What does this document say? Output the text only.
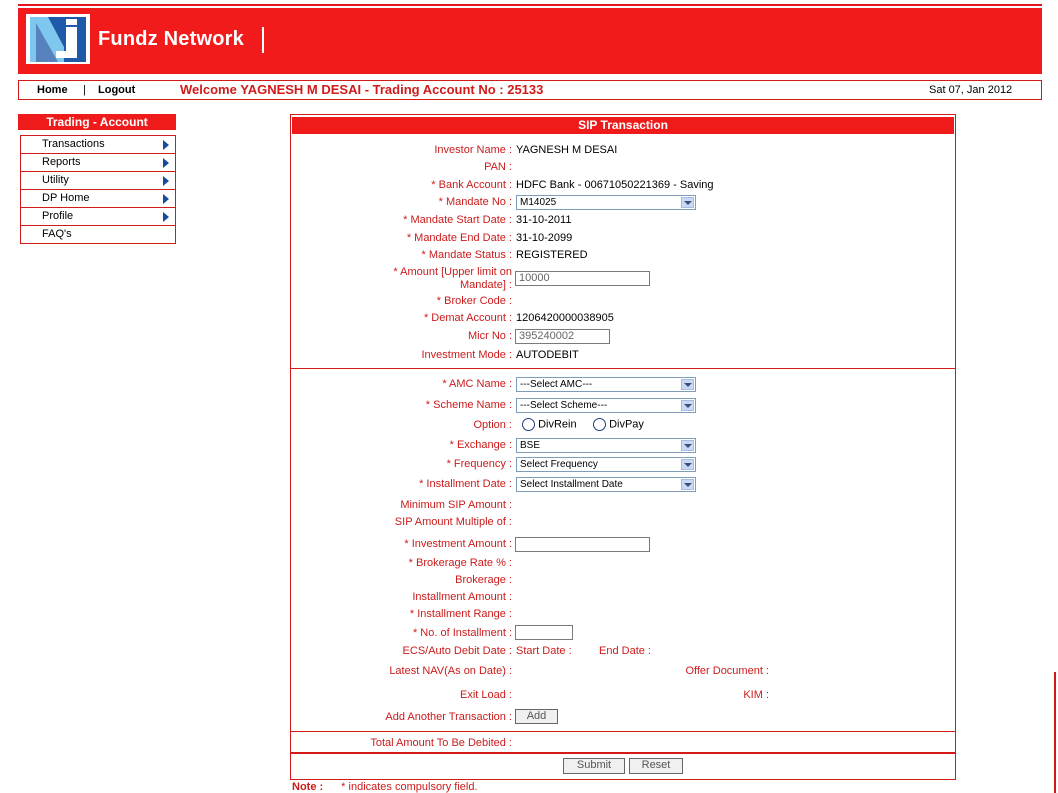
Fundz Network
Home | Logout	Welcome YAGNESH M DESAI - Trading Account No : 25133	Sat 07, Jan 2012
Trading - Account
Transactions
Reports
Utility
DP Home
Profile
FAQ's
SIP Transaction
Investor Name : YAGNESH M DESAI
PAN :
* Bank Account : HDFC Bank - 00671050221369 - Saving
* Mandate No : M14025
* Mandate Start Date : 31-10-2011
* Mandate End Date : 31-10-2099
* Mandate Status : REGISTERED
* Amount [Upper limit on
Mandate] :
10000
* Broker Code :
* Demat Account : 1206420000038905
Micr No : 395240002
Investment Mode : AUTODEBIT
* AMC Name : ---Select AMC---
* Scheme Name : ---Select Scheme---
Option :	DivRein	DivPay
* Exchange : BSE
* Frequency : Select Frequency
* Installment Date : Select Installment Date
Minimum SIP Amount :
SIP Amount Multiple of :
* Investment Amount :
* Brokerage Rate % :
Brokerage :
Installment Amount :
* Installment Range :
* No. of Installment :
ECS/Auto Debit Date : Start Date : End Date :
Latest NAV(As on Date) :	Offer Document :
Exit Load :	KIM :
Add Another Transaction :	Add
Total Amount To Be Debited :
Submit	Reset
Note : * indicates compulsory field.
